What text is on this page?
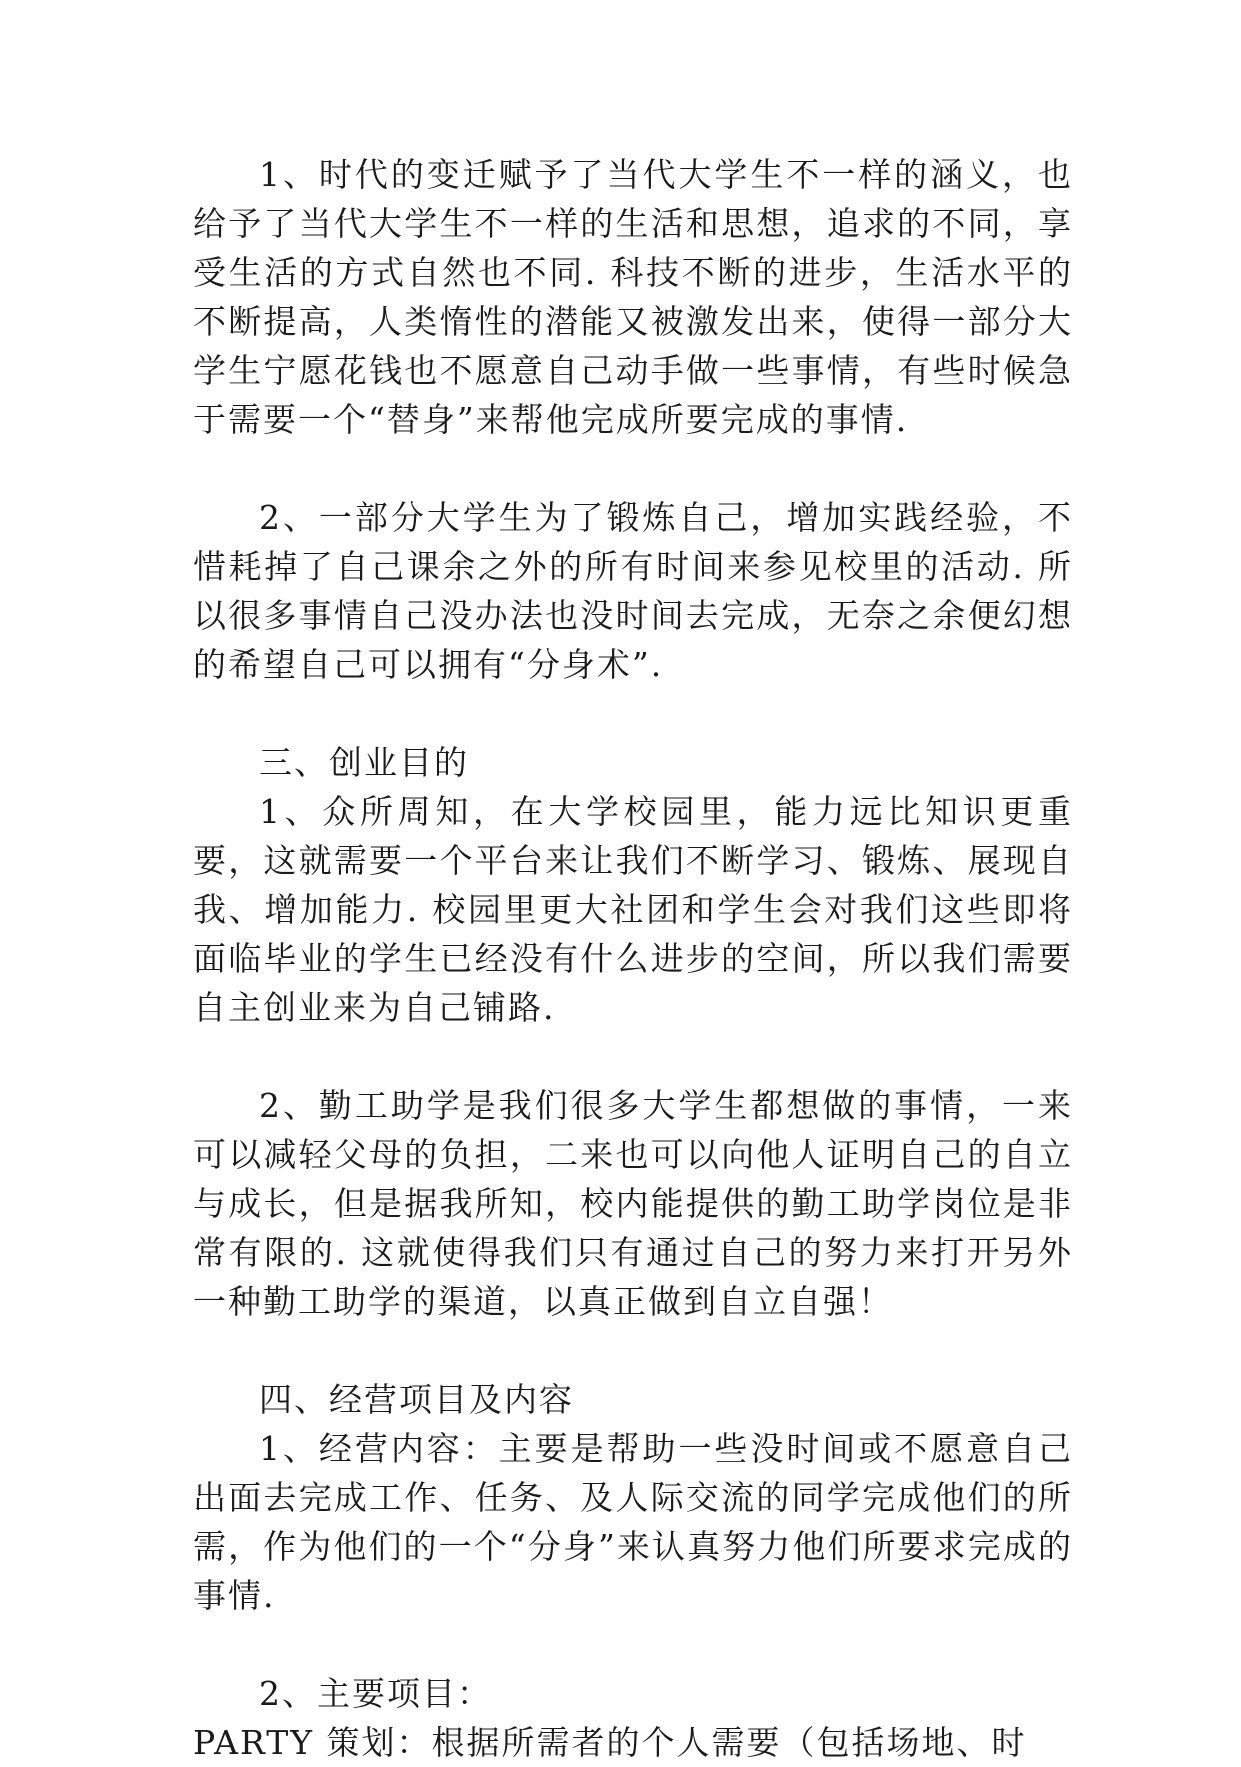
1、时代的变迁赋予了当代大学生不一样的涵义，也给予了当代大学生不一样的生活和思想，追求的不同，享受生活的方式自然也不同. 科技不断的进步，生活水平的不断提高，人类惰性的潜能又被激发出来，使得一部分大学生宁愿花钱也不愿意自己动手做一些事情，有些时候急于需要一个“替身”来帮他完成所要完成的事情.

2、一部分大学生为了锻炼自己，增加实践经验，不惜耗掉了自己课余之外的所有时间来参见校里的活动. 所以很多事情自己没办法也没时间去完成，无奈之余便幻想的希望自己可以拥有“分身术”.

三、创业目的

1、众所周知，在大学校园里，能力远比知识更重要，这就需要一个平台来让我们不断学习、锻炼、展现自我、增加能力. 校园里更大社团和学生会对我们这些即将面临毕业的学生已经没有什么进步的空间，所以我们需要自主创业来为自己铺路.

2、勤工助学是我们很多大学生都想做的事情，一来可以减轻父母的负担，二来也可以向他人证明自己的自立与成长，但是据我所知，校内能提供的勤工助学岗位是非常有限的. 这就使得我们只有通过自己的努力来打开另外一种勤工助学的渠道，以真正做到自立自强！

四、经营项目及内容

1、经营内容：主要是帮助一些没时间或不愿意自己出面去完成工作、任务、及人际交流的同学完成他们的所需，作为他们的一个“分身”来认真努力他们所要求完成的事情.

2、主要项目：

PARTY 策划：根据所需者的个人需要（包括场地、时
